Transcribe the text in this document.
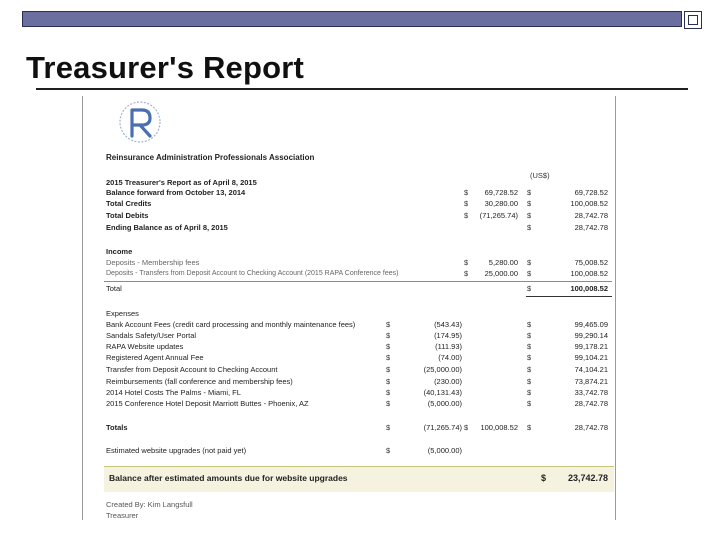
Treasurer's Report
Reinsurance Administration Professionals Association
(US$)
2015 Treasurer's Report as of April 8, 2015
Balance forward from October 13, 2014	$	69,728.52 $	69,728.52
Total Credits	$	30,280.00 $	100,008.52
Total Debits	$	(71,265.74) $	28,742.78
Ending Balance as of April 8, 2015	$	28,742.78
Income
Deposits - Membership fees	$	5,280.00 $	75,008.52
Deposits - Transfers from Deposit Account to Checking Account (2015 RAPA Conference fees)	$	25,000.00 $	100,008.52
Total	$	100,008.52
Expenses
Bank Account Fees (credit card processing and monthly maintenance fees)	$	(543.43)	$	99,465.09
Sandals Safety/User Portal	$	(174.95)	$	99,290.14
RAPA Website updates	$	(111.93)	$	99,178.21
Registered Agent Annual Fee	$	(74.00)	$	99,104.21
Transfer from Deposit Account to Checking Account	$	(25,000.00)	$	74,104.21
Reimbursements (fall conference and membership fees)	$	(230.00)	$	73,874.21
2014 Hotel Costs The Palms - Miami, FL	$	(40,131.43)	$	33,742.78
2015 Conference Hotel Deposit Marriott Buttes - Phoenix, AZ	$	(5,000.00)	$	28,742.78
Totals	$	(71,265.74) $	100,008.52 $	28,742.78
Estimated website upgrades (not paid yet)	$	(5,000.00)
Balance after estimated amounts due for website upgrades	$	23,742.78
Created By: Kim Langsfull
Treasurer
